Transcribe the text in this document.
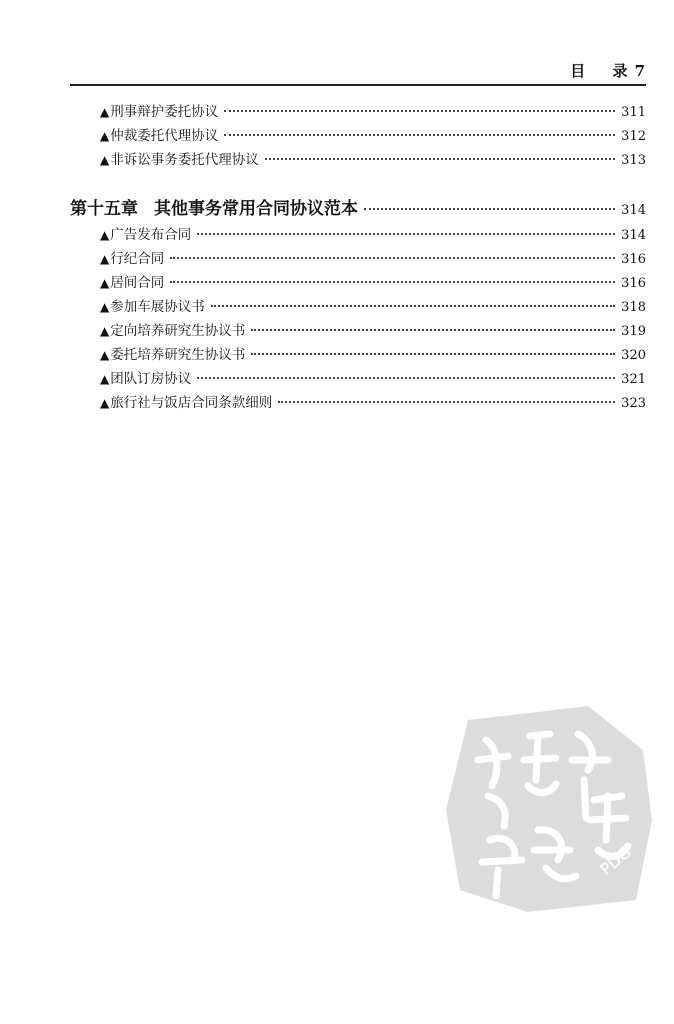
目 录 7
▲ 刑事辩护委托协议	311
▲ 仲裁委托代理协议	312
▲ 非诉讼事务委托代理协议	313
第十五章 其他事务常用合同协议范本	314
▲ 广告发布合同	314
▲ 行纪合同	316
▲ 居间合同	316
▲ 参加车展协议书	318
▲ 定向培养研究生协议书	319
▲ 委托培养研究生协议书	320
▲ 团队订房协议	321
▲ 旅行社与饭店合同条款细则	323
PDG
